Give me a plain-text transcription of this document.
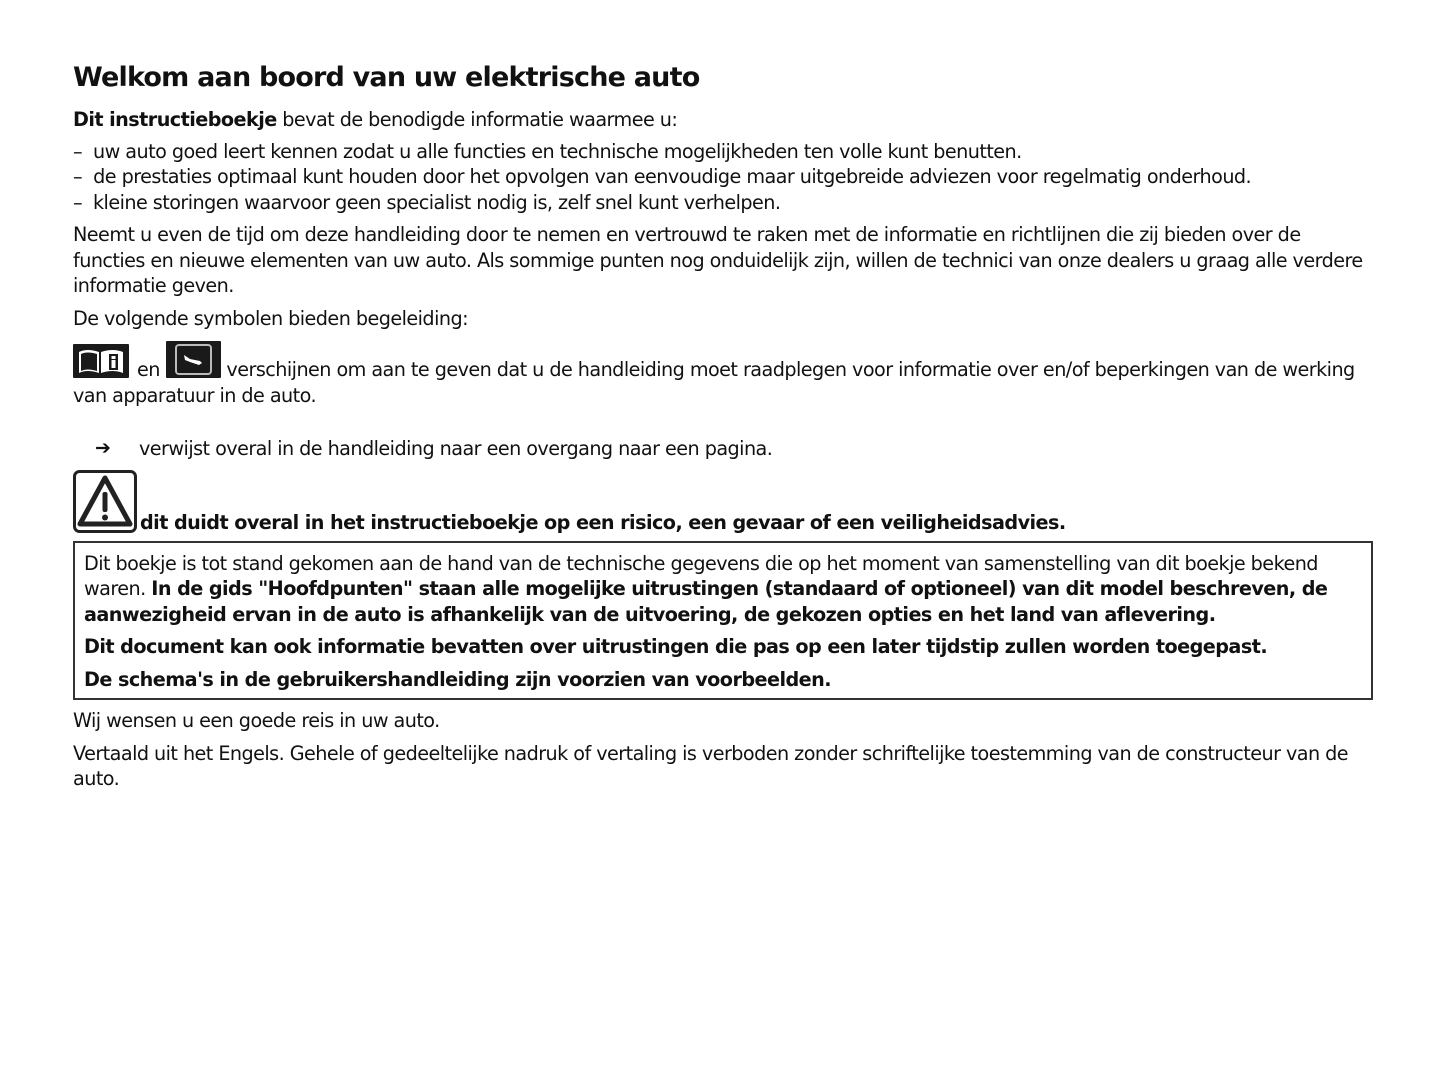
Welkom aan boord van uw elektrische auto

Dit instructieboekje bevat de benodigde informatie waarmee u:

– uw auto goed leert kennen zodat u alle functies en technische mogelijkheden ten volle kunt benutten.
– de prestaties optimaal kunt houden door het opvolgen van eenvoudige maar uitgebreide adviezen voor regelmatig onderhoud.
– kleine storingen waarvoor geen specialist nodig is, zelf snel kunt verhelpen.

Neemt u even de tijd om deze handleiding door te nemen en vertrouwd te raken met de informatie en richtlijnen die zij bieden over de functies en nieuwe elementen van uw auto. Als sommige punten nog onduidelijk zijn, willen de technici van onze dealers u graag alle verdere informatie geven.

De volgende symbolen bieden begeleiding:

en	verschijnen om aan te geven dat u de handleiding moet raadplegen voor informatie over en/of beperkingen van de werking van apparatuur in de auto.

➔	verwijst overal in de handleiding naar een overgang naar een pagina.
dit duidt overal in het instructieboekje op een risico, een gevaar of een veiligheidsadvies.

Dit boekje is tot stand gekomen aan de hand van de technische gegevens die op het moment van samenstelling van dit boekje bekend waren. In de gids "Hoofdpunten" staan alle mogelijke uitrustingen (standaard of optioneel) van dit model beschreven, de aanwezigheid ervan in de auto is afhankelijk van de uitvoering, de gekozen opties en het land van aflevering.

Dit document kan ook informatie bevatten over uitrustingen die pas op een later tijdstip zullen worden toegepast.

De schema's in de gebruikershandleiding zijn voorzien van voorbeelden.

Wij wensen u een goede reis in uw auto.

Vertaald uit het Engels. Gehele of gedeeltelijke nadruk of vertaling is verboden zonder schriftelijke toestemming van de constructeur van de auto.
